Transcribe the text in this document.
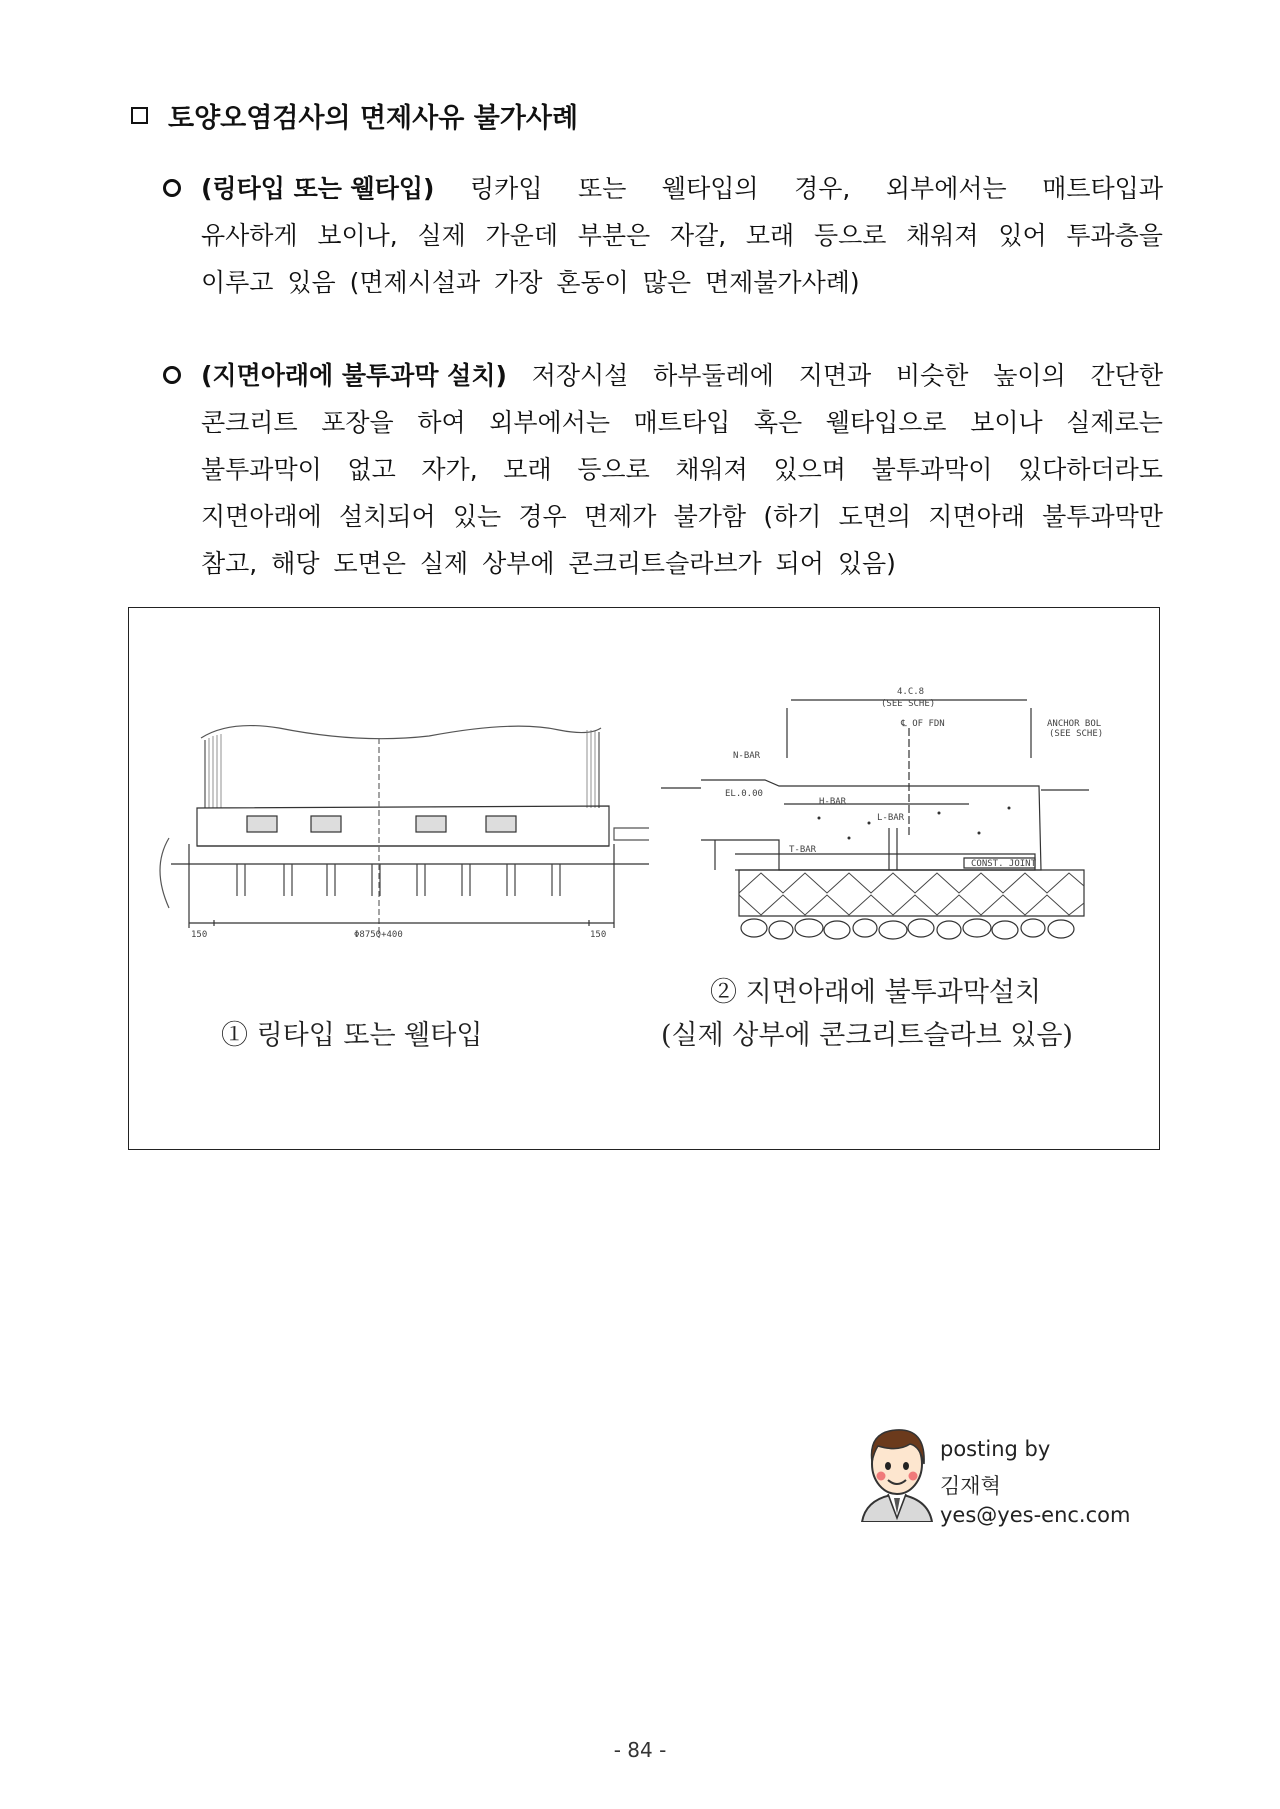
토양오염검사의 면제사유 불가사례
(링타입 또는 웰타입) 링카입 또는 웰타입의 경우, 외부에서는 매트타입과
유사하게 보이나, 실제 가운데 부분은 자갈, 모래 등으로 채워져 있어 투과층을
이루고 있음 (면제시설과 가장 혼동이 많은 면제불가사례)
(지면아래에 불투과막 설치) 저장시설 하부둘레에 지면과 비슷한 높이의 간단한
콘크리트 포장을 하여 외부에서는 매트타입 혹은 웰타입으로 보이나 실제로는
불투과막이 없고 자가, 모래 등으로 채워져 있으며 불투과막이 있다하더라도
지면아래에 설치되어 있는 경우 면제가 불가함 (하기 도면의 지면아래 불투과막만
참고, 해당 도면은 실제 상부에 콘크리트슬라브가 되어 있음)
Φ8750+400
150	150
4.C.8
(SEE SCHE)
℄ OF FDN	ANCHOR BOL
(SEE SCHE)
N-BAR
H-BAR
L-BAR
T-BAR
CONST. JOINT
EL.0.00
① 링타입 또는 웰타입
② 지면아래에 불투과막설치
(실제 상부에 콘크리트슬라브 있음)
posting by
김재혁
yes@yes-enc.com
- 84 -
